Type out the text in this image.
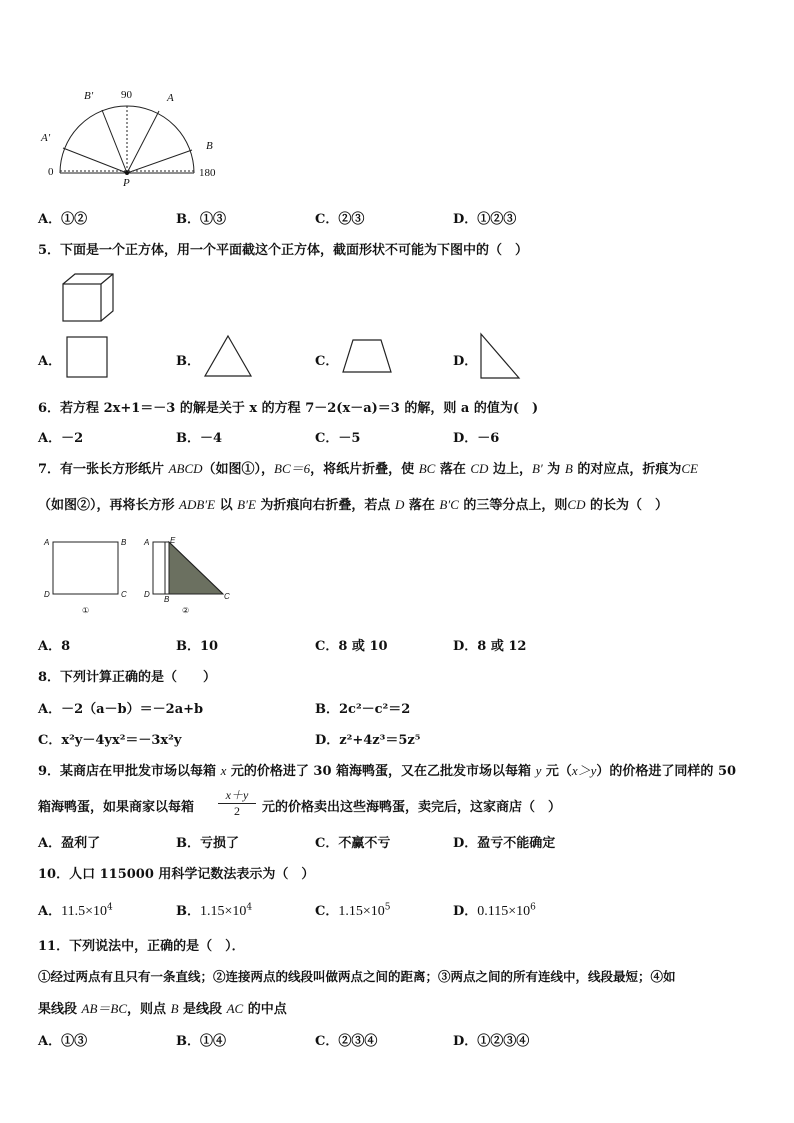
B′	90	A
A′
B
0
P
180
A．①②	B．①③	C．②③	D．①②③
5．下面是一个正方体，用一个平面截这个正方体，截面形状不可能为下图中的（　）
A．	B．	C．	D．
6．若方程 2x+1＝－3 的解是关于 x 的方程 7－2(x－a)＝3 的解，则 a 的值为(　)
A．－2	B．－4	C．－5	D．－6
7．有一张长方形纸片 ABCD（如图①），BC＝6，将纸片折叠，使 BC 落在 CD 边上，B′ 为 B 的对应点，折痕为CE
（如图②），再将长方形 ADB′E 以 B′E 为折痕向右折叠，若点 D 落在 B′C 的三等分点上，则CD 的长为（　）
A	B
D	C
①
A	E
D
B	C
②
A．8	B．10	C．8 或 10	D．8 或 12
8．下列计算正确的是（　　）
A．－2（a－b）＝－2a+b	B．2c²－c²＝2
C．x²y－4yx²＝－3x²y	D．z²+4z³＝5z⁵
9．某商店在甲批发市场以每箱 x 元的价格进了 30 箱海鸭蛋，又在乙批发市场以每箱 y 元（x＞y）的价格进了同样的 50
箱海鸭蛋，如果商家以每箱 $\frac{x+y}{2}$ 元的价格卖出这些海鸭蛋，卖完后，这家商店（　）
A．盈利了	B．亏损了	C．不赢不亏	D．盈亏不能确定
10．人口 115000 用科学记数法表示为（　）
A．$11.5\times 10^4$	B．$1.15\times 10^4$	C．$1.15\times 10^5$	D．$0.115\times 10^6$
11．下列说法中，正确的是（　）．
①经过两点有且只有一条直线；②连接两点的线段叫做两点之间的距离；③两点之间的所有连线中，线段最短；④如
果线段 AB＝BC，则点 B 是线段 AC 的中点
A．①③	B．①④	C．②③④	D．①②③④
